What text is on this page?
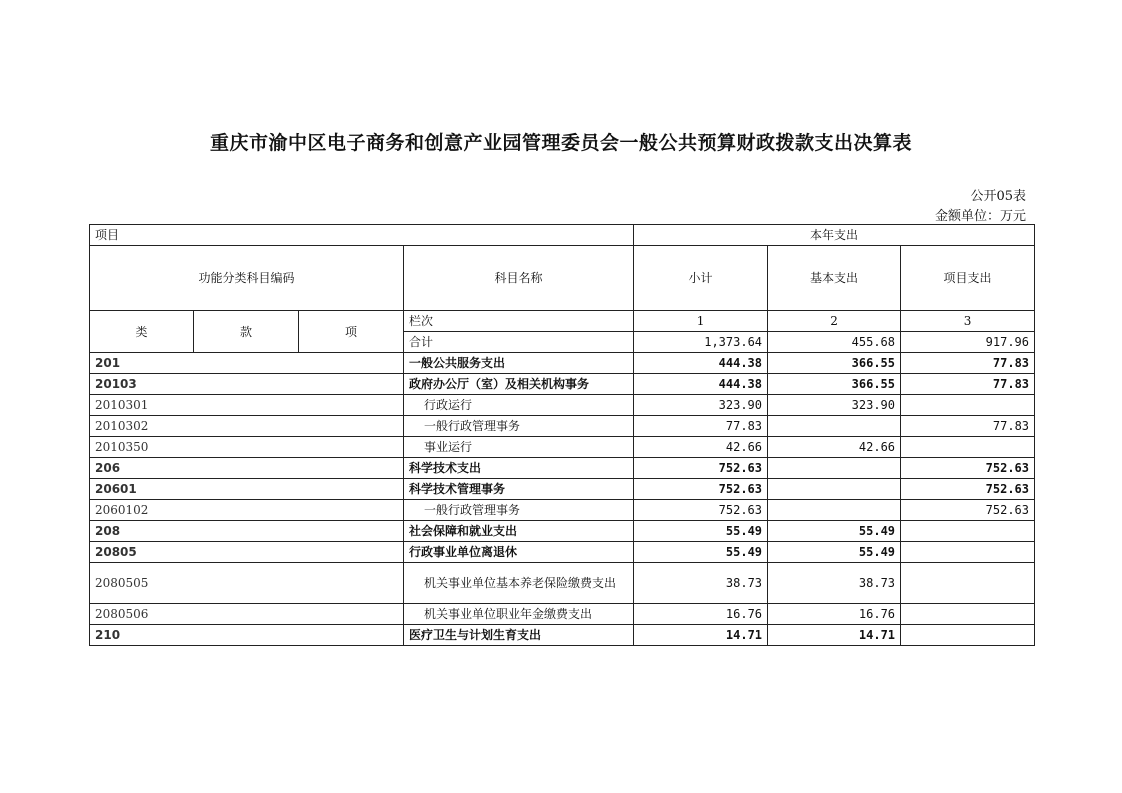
重庆市渝中区电子商务和创意产业园管理委员会一般公共预算财政拨款支出决算表
公开05表
金额单位：万元
项目				本年支出		
功能分类科目编码			科目名称	小计	基本支出	项目支出
类	款	项	栏次	1	2	3
			合计	1,373.64	455.68	917.96
201			一般公共服务支出	444.38	366.55	77.83
20103			政府办公厅（室）及相关机构事务	444.38	366.55	77.83
2010301			行政运行	323.90	323.90	
2010302			一般行政管理事务	77.83		77.83
2010350			事业运行	42.66	42.66	
206			科学技术支出	752.63		752.63
20601			科学技术管理事务	752.63		752.63
2060102			一般行政管理事务	752.63		752.63
208			社会保障和就业支出	55.49	55.49	
20805			行政事业单位离退休	55.49	55.49	
2080505			机关事业单位基本养老保险缴费支出	38.73	38.73	
2080506			机关事业单位职业年金缴费支出	16.76	16.76	
210			医疗卫生与计划生育支出	14.71	14.71	
